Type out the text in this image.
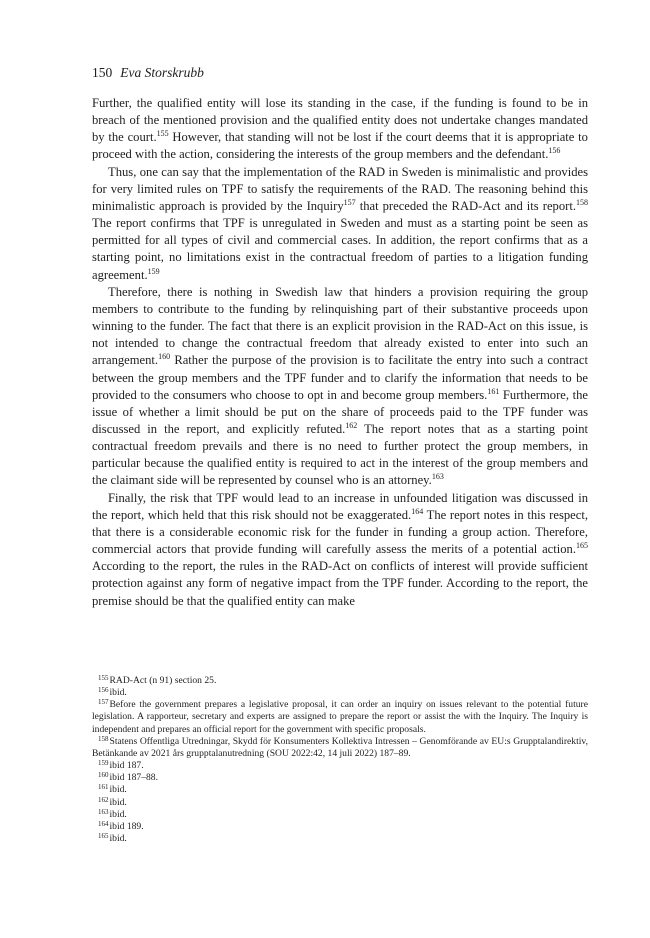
150 Eva Storskrubb

Further, the qualified entity will lose its standing in the case, if the funding is found to be in breach of the mentioned provision and the qualified entity does not undertake changes mandated by the court.$^{155}$ However, that standing will not be lost if the court deems that it is appropriate to proceed with the action, considering the interests of the group members and the defendant.$^{156}$

Thus, one can say that the implementation of the RAD in Sweden is minimalistic and provides for very limited rules on TPF to satisfy the requirements of the RAD. The reasoning behind this minimalistic approach is provided by the Inquiry$^{157}$ that preceded the RAD-Act and its report.$^{158}$ The report confirms that TPF is unregulated in Sweden and must as a starting point be seen as permitted for all types of civil and commercial cases. In addition, the report confirms that as a starting point, no limitations exist in the contractual freedom of parties to a litigation funding agreement.$^{159}$

Therefore, there is nothing in Swedish law that hinders a provision requiring the group members to contribute to the funding by relinquishing part of their substantive proceeds upon winning to the funder. The fact that there is an explicit provision in the RAD-Act on this issue, is not intended to change the contractual freedom that already existed to enter into such an arrangement.$^{160}$ Rather the purpose of the provision is to facilitate the entry into such a contract between the group members and the TPF funder and to clarify the information that needs to be provided to the consumers who choose to opt in and become group members.$^{161}$ Furthermore, the issue of whether a limit should be put on the share of proceeds paid to the TPF funder was discussed in the report, and explicitly refuted.$^{162}$ The report notes that as a starting point contractual freedom prevails and there is no need to further protect the group members, in particular because the qualified entity is required to act in the interest of the group members and the claimant side will be represented by counsel who is an attorney.$^{163}$

Finally, the risk that TPF would lead to an increase in unfounded litigation was discussed in the report, which held that this risk should not be exaggerated.$^{164}$ The report notes in this respect, that there is a considerable economic risk for the funder in funding a group action. Therefore, commercial actors that provide funding will carefully assess the merits of a potential action.$^{165}$ According to the report, the rules in the RAD-Act on conflicts of interest will provide sufficient protection against any form of negative impact from the TPF funder. According to the report, the premise should be that the qualified entity can make

$^{155}$RAD-Act (n 91) section 25.
$^{156}$ibid.
$^{157}$Before the government prepares a legislative proposal, it can order an inquiry on issues relevant to the potential future legislation. A rapporteur, secretary and experts are assigned to prepare the report or assist the with the Inquiry. The Inquiry is independent and prepares an official report for the government with specific proposals.
$^{158}$Statens Offentliga Utredningar, Skydd för Konsumenters Kollektiva Intressen – Genomförande av EU:s Grupptalandirektiv, Betänkande av 2021 års grupptalanutredning (SOU 2022:42, 14 juli 2022) 187–89.
$^{159}$ibid 187.
$^{160}$ibid 187–88.
$^{161}$ibid.
$^{162}$ibid.
$^{163}$ibid.
$^{164}$ibid 189.
$^{165}$ibid.
